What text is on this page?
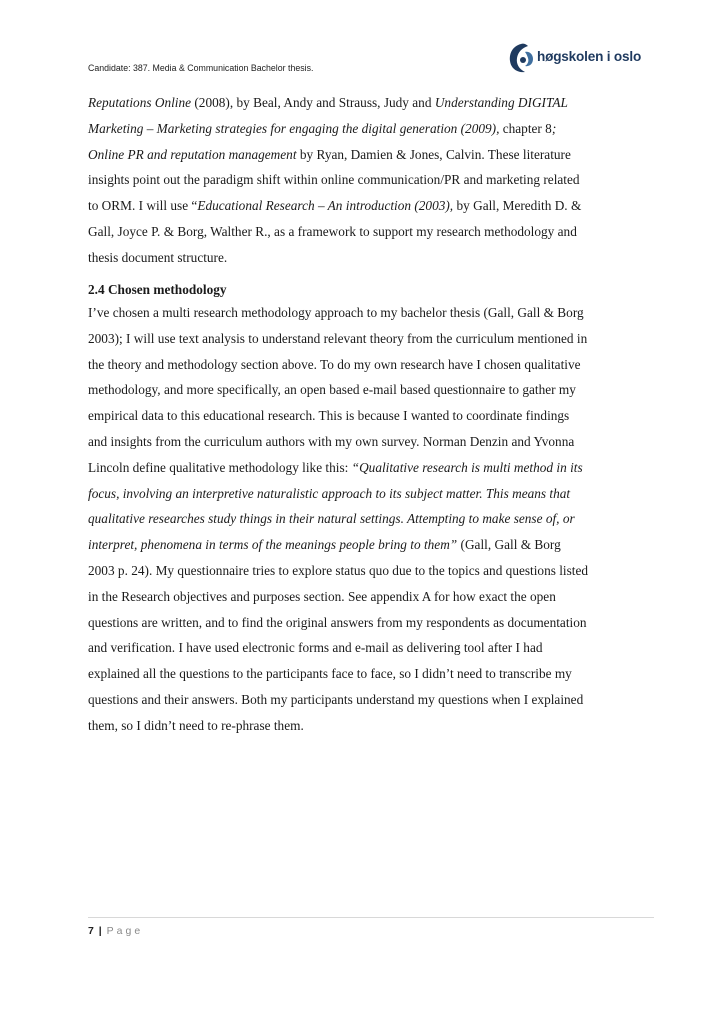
Candidate: 387. Media & Communication Bachelor thesis.
høgskolen i oslo
Reputations Online (2008), by Beal, Andy and Strauss, Judy and Understanding DIGITAL
Marketing – Marketing strategies for engaging the digital generation (2009), chapter 8;
Online PR and reputation management by Ryan, Damien & Jones, Calvin. These literature
insights point out the paradigm shift within online communication/PR and marketing related
to ORM. I will use “Educational Research – An introduction (2003), by Gall, Meredith D. &
Gall, Joyce P. & Borg, Walther R., as a framework to support my research methodology and
thesis document structure.
2.4 Chosen methodology
I’ve chosen a multi research methodology approach to my bachelor thesis (Gall, Gall & Borg
2003); I will use text analysis to understand relevant theory from the curriculum mentioned in
the theory and methodology section above. To do my own research have I chosen qualitative
methodology, and more specifically, an open based e-mail based questionnaire to gather my
empirical data to this educational research. This is because I wanted to coordinate findings
and insights from the curriculum authors with my own survey. Norman Denzin and Yvonna
Lincoln define qualitative methodology like this: “Qualitative research is multi method in its
focus, involving an interpretive naturalistic approach to its subject matter. This means that
qualitative researches study things in their natural settings. Attempting to make sense of, or
interpret, phenomena in terms of the meanings people bring to them” (Gall, Gall & Borg
2003 p. 24). My questionnaire tries to explore status quo due to the topics and questions listed
in the Research objectives and purposes section. See appendix A for how exact the open
questions are written, and to find the original answers from my respondents as documentation
and verification. I have used electronic forms and e-mail as delivering tool after I had
explained all the questions to the participants face to face, so I didn’t need to transcribe my
questions and their answers. Both my participants understand my questions when I explained
them, so I didn’t need to re-phrase them.
7 | Page
